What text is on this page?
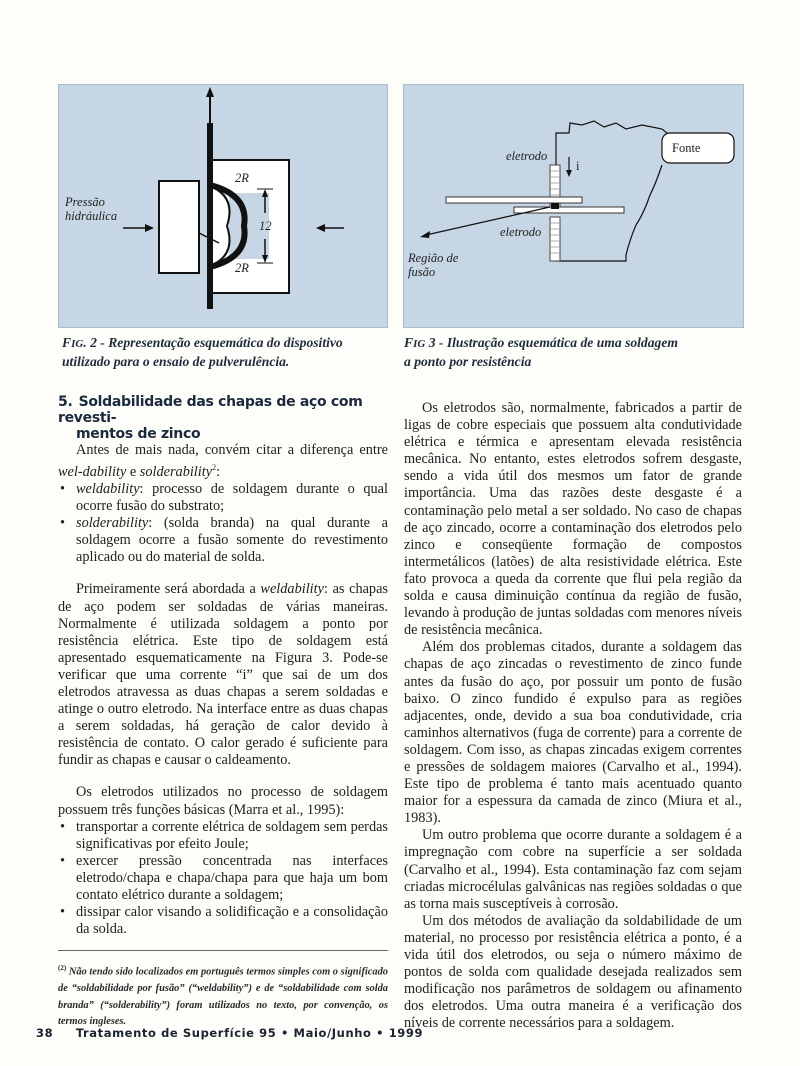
Pressão
hidráulica
2R
12
2R
FIG. 2 - Representação esquemática do dispositivo
utilizado para o ensaio de pulverulência.
eletrodo
i
Fonte
eletrodo
Região de
fusão
FIG 3 - Ilustração esquemática de uma soldagem
a ponto por resistência
5. Soldabilidade das chapas de aço com revesti-
mentos de zinco

Antes de mais nada, convém citar a diferença entre wel-dability e solderability$^2$:

• weldability: processo de soldagem durante o qual ocorre fusão do substrato;
• solderability: (solda branda) na qual durante a soldagem ocorre a fusão somente do revestimento aplicado ou do material de solda.

Primeiramente será abordada a weldability: as chapas de aço podem ser soldadas de várias maneiras. Normalmente é utilizada soldagem a ponto por resistência elétrica. Este tipo de soldagem está apresentado esquematicamente na Figura 3. Pode-se verificar que uma corrente “i” que sai de um dos eletrodos atravessa as duas chapas a serem soldadas e atinge o outro eletrodo. Na interface entre as duas chapas a serem soldadas, há geração de calor devido à resistência de contato. O calor gerado é suficiente para fundir as chapas e causar o caldeamento.

Os eletrodos utilizados no processo de soldagem possuem três funções básicas (Marra et al., 1995):

• transportar a corrente elétrica de soldagem sem perdas significativas por efeito Joule;
• exercer pressão concentrada nas interfaces eletrodo/chapa e chapa/chapa para que haja um bom contato elétrico durante a soldagem;
• dissipar calor visando a solidificação e a consolidação da solda.

$^{(2)}$ Não tendo sido localizados em português termos simples com o significado de “soldabilidade por fusão” (“weldability”) e de “soldabilidade com solda branda” (“solderability”) foram utilizados no texto, por convenção, os termos ingleses.

Os eletrodos são, normalmente, fabricados a partir de ligas de cobre especiais que possuem alta condutividade elétrica e térmica e apresentam elevada resistência mecânica. No entanto, estes eletrodos sofrem desgaste, sendo a vida útil dos mesmos um fator de grande importância. Uma das razões deste desgaste é a contaminação pelo metal a ser soldado. No caso de chapas de aço zincado, ocorre a contaminação dos eletrodos pelo zinco e conseqüente formação de compostos intermetálicos (latões) de alta resistividade elétrica. Este fato provoca a queda da corrente que flui pela região da solda e causa diminuição contínua da região de fusão, levando à produção de juntas soldadas com menores níveis de resistência mecânica.

Além dos problemas citados, durante a soldagem das chapas de aço zincadas o revestimento de zinco funde antes da fusão do aço, por possuir um ponto de fusão baixo. O zinco fundido é expulso para as regiões adjacentes, onde, devido a sua boa condutividade, cria caminhos alternativos (fuga de corrente) para a corrente de soldagem. Com isso, as chapas zincadas exigem correntes e pressões de soldagem maiores (Carvalho et al., 1994). Este tipo de problema é tanto mais acentuado quanto maior for a espessura da camada de zinco (Miura et al., 1983).

Um outro problema que ocorre durante a soldagem é a impregnação com cobre na superfície a ser soldada (Carvalho et al., 1994). Esta contaminação faz com sejam criadas microcélulas galvânicas nas regiões soldadas o que as torna mais susceptíveis à corrosão.

Um dos métodos de avaliação da soldabilidade de um material, no processo por resistência elétrica a ponto, é a vida útil dos eletrodos, ou seja o número máximo de pontos de solda com qualidade desejada realizados sem modificação nos parâmetros de soldagem ou afinamento dos eletrodos. Uma outra maneira é a verificação dos níveis de corrente necessários para a soldagem.

38 Tratamento de Superfície 95 • Maio/Junho • 1999
